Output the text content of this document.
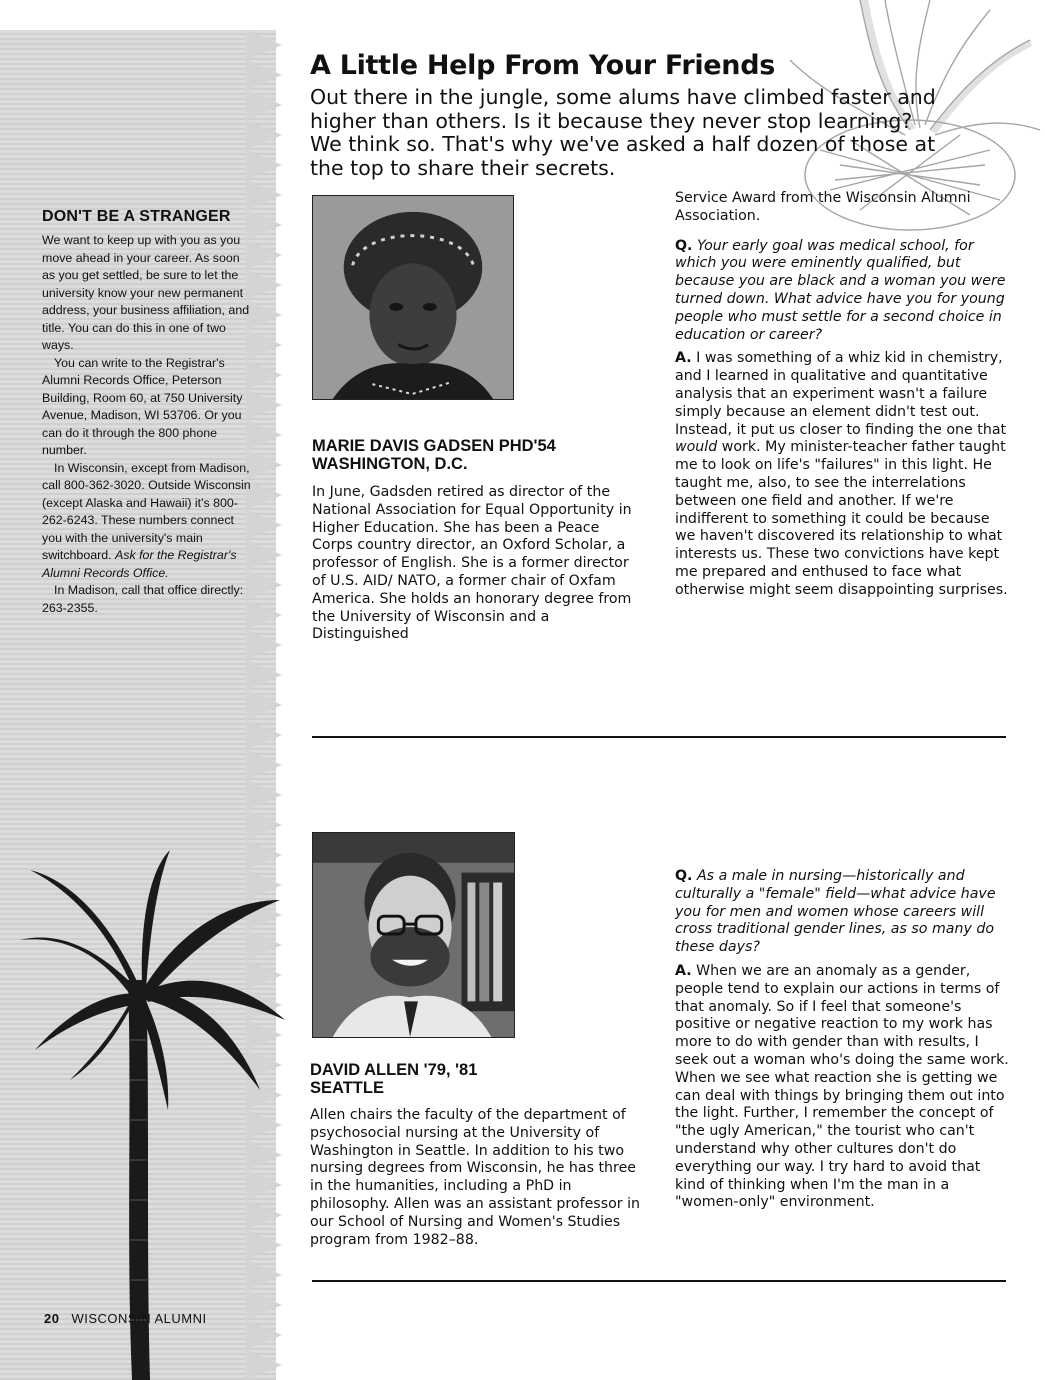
DON'T BE A STRANGER

We want to keep up with you as you move ahead in your career. As soon as you get settled, be sure to let the university know your new permanent address, your business affiliation, and title. You can do this in one of two ways.

You can write to the Registrar's Alumni Records Office, Peterson Building, Room 60, at 750 University Avenue, Madison, WI 53706. Or you can do it through the 800 phone number.

In Wisconsin, except from Madison, call 800-362-3020. Outside Wisconsin (except Alaska and Hawaii) it's 800-262-6243. These numbers connect you with the university's main switchboard. Ask for the Registrar's Alumni Records Office.

In Madison, call that office directly: 263-2355.

20 WISCONSIN ALUMNI
A Little Help From Your Friends

Out there in the jungle, some alums have climbed faster and higher than others. Is it because they never stop learning? We think so. That's why we've asked a half dozen of those at the top to share their secrets.

MARIE DAVIS GADSEN PHD'54
WASHINGTON, D.C.

In June, Gadsden retired as director of the National Association for Equal Opportunity in Higher Education. She has been a Peace Corps country director, an Oxford Scholar, a professor of English. She is a former director of U.S. AID/ NATO, a former chair of Oxfam America. She holds an honorary degree from the University of Wisconsin and a Distinguished

Service Award from the Wisconsin Alumni Association.

Q. Your early goal was medical school, for which you were eminently qualified, but because you are black and a woman you were turned down. What advice have you for young people who must settle for a second choice in education or career?

A. I was something of a whiz kid in chemistry, and I learned in qualitative and quantitative analysis that an experiment wasn't a failure simply because an element didn't test out. Instead, it put us closer to finding the one that would work. My minister-teacher father taught me to look on life's "failures" in this light. He taught me, also, to see the interrelations between one field and another. If we're indifferent to something it could be because we haven't discovered its relationship to what interests us. These two convictions have kept me prepared and enthused to face what otherwise might seem disappointing surprises.

DAVID ALLEN '79, '81
SEATTLE

Allen chairs the faculty of the department of psychosocial nursing at the University of Washington in Seattle. In addition to his two nursing degrees from Wisconsin, he has three in the humanities, including a PhD in philosophy. Allen was an assistant professor in our School of Nursing and Women's Studies program from 1982–88.

Q. As a male in nursing—historically and culturally a "female" field—what advice have you for men and women whose careers will cross traditional gender lines, as so many do these days?

A. When we are an anomaly as a gender, people tend to explain our actions in terms of that anomaly. So if I feel that someone's positive or negative reaction to my work has more to do with gender than with results, I seek out a woman who's doing the same work. When we see what reaction she is getting we can deal with things by bringing them out into the light. Further, I remember the concept of "the ugly American," the tourist who can't understand why other cultures don't do everything our way. I try hard to avoid that kind of thinking when I'm the man in a "women-only" environment.
